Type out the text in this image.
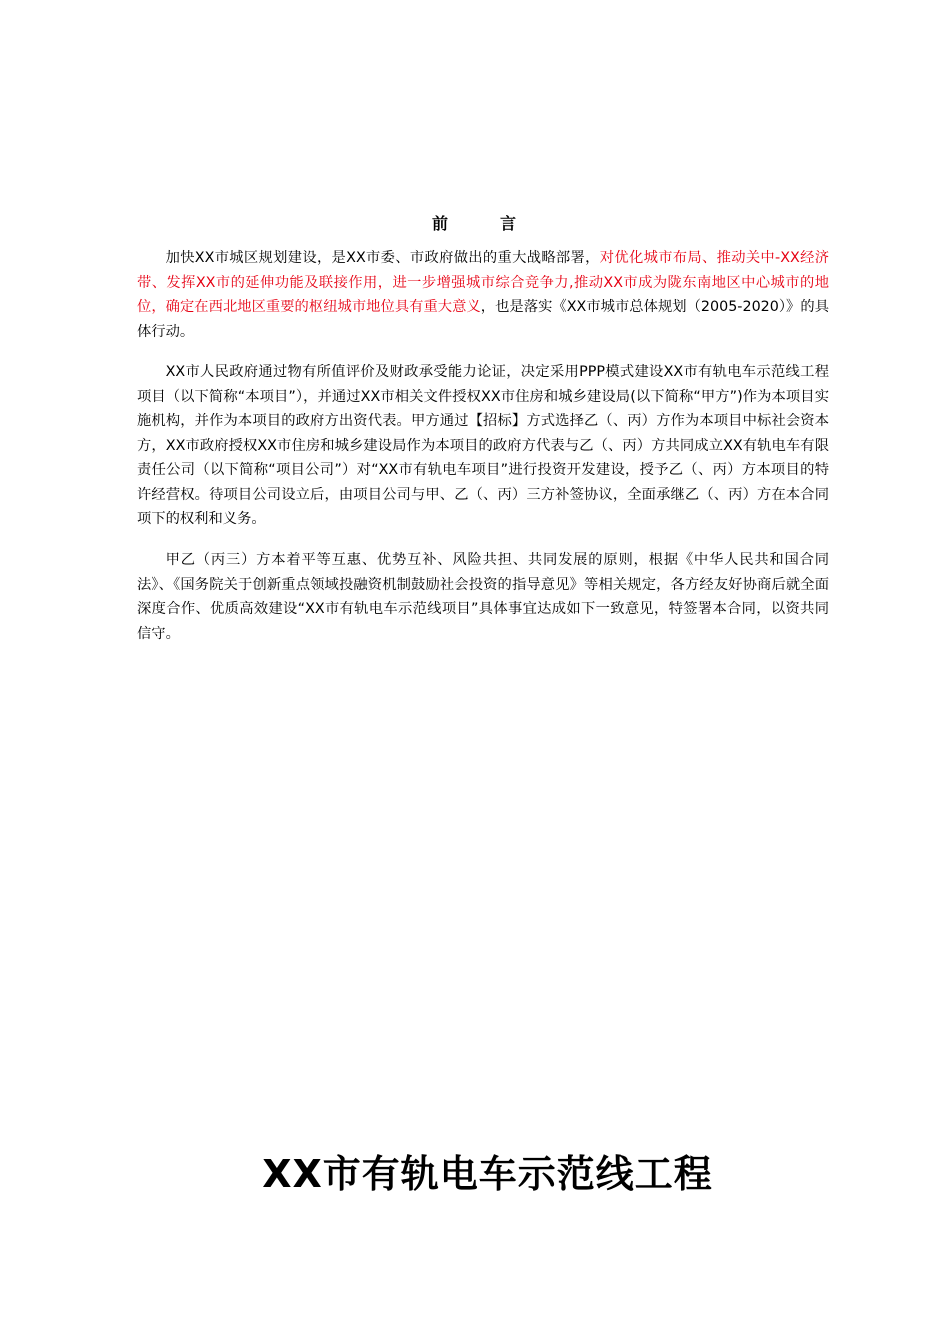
前	言

加快XX市城区规划建设，是XX市委、市政府做出的重大战略部署，对优化城市布局、推动关中-XX经济带、发挥XX市的延伸功能及联接作用，进一步增强城市综合竞争力,推动XX市成为陇东南地区中心城市的地位，确定在西北地区重要的枢纽城市地位具有重大意义，也是落实《XX市城市总体规划（2005-2020）》的具体行动。

XX市人民政府通过物有所值评价及财政承受能力论证，决定采用PPP模式建设XX市有轨电车示范线工程项目（以下简称“本项目”），并通过XX市相关文件授权XX市住房和城乡建设局(以下简称“甲方”)作为本项目实施机构，并作为本项目的政府方出资代表。甲方通过【招标】方式选择乙（、丙）方作为本项目中标社会资本方，XX市政府授权XX市住房和城乡建设局作为本项目的政府方代表与乙（、丙）方共同成立XX有轨电车有限责任公司（以下简称“项目公司”）对“XX市有轨电车项目”进行投资开发建设，授予乙（、丙）方本项目的特许经营权。待项目公司设立后，由项目公司与甲、乙（、丙）三方补签协议，全面承继乙（、丙）方在本合同项下的权利和义务。

甲乙（丙三）方本着平等互惠、优势互补、风险共担、共同发展的原则，根据《中华人民共和国合同法》、《国务院关于创新重点领域投融资机制鼓励社会投资的指导意见》等相关规定，各方经友好协商后就全面深度合作、优质高效建设“XX市有轨电车示范线项目”具体事宜达成如下一致意见，特签署本合同，以资共同信守。

XX市有轨电车示范线工程
